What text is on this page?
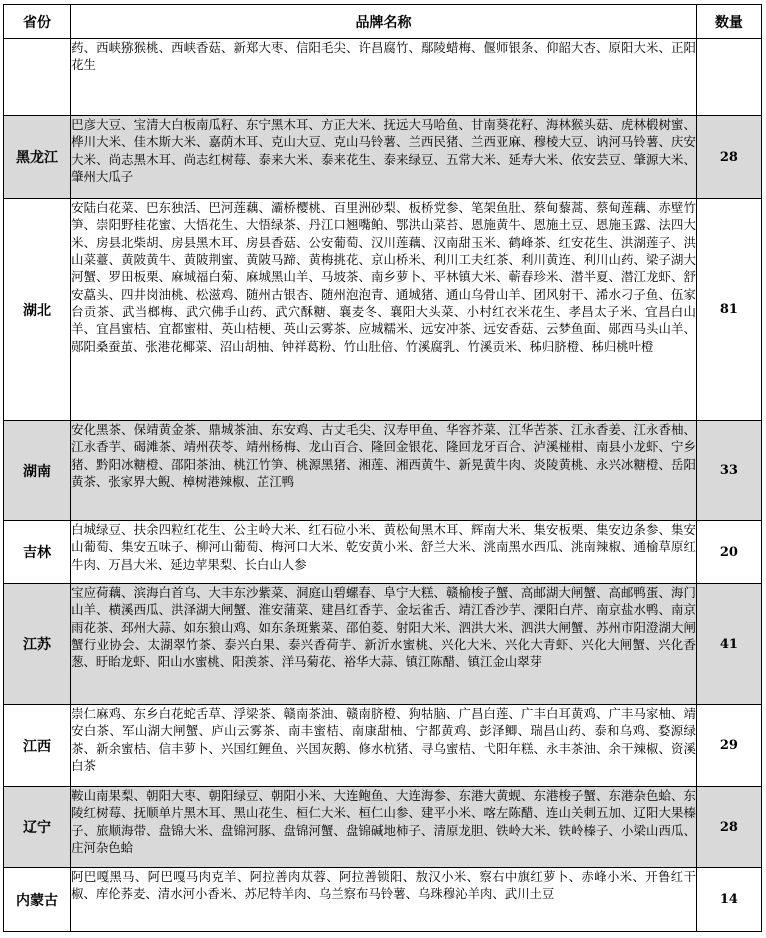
省份	品牌名称	数量
	药、西峡猕猴桃、西峡香菇、新郑大枣、信阳毛尖、许昌腐竹、鄢陵蜡梅、偃师银条、仰韶大杏、原阳大米、正阳花生	
黑龙江	巴彦大豆、宝清大白板南瓜籽、东宁黑木耳、方正大米、抚远大马哈鱼、甘南葵花籽、海林猴头菇、虎林椴树蜜、桦川大米、佳木斯大米、嘉荫木耳、克山大豆、克山马铃薯、兰西民猪、兰西亚麻、穆棱大豆、讷河马铃薯、庆安大米、尚志黑木耳、尚志红树莓、泰来大米、泰来花生、泰来绿豆、五常大米、延寿大米、依安芸豆、肇源大米、肇州大瓜子	28
湖北	安陆白花菜、巴东独活、巴河莲藕、灞桥樱桃、百里洲砂梨、板桥党参、笔架鱼肚、蔡甸藜蒿、蔡甸莲藕、赤壁竹笋、崇阳野桂花蜜、大悟花生、大悟绿茶、丹江口翘嘴鲌、鄂洪山菜苔、恩施黄牛、恩施土豆、恩施玉露、法四大米、房县北柴胡、房县黑木耳、房县香菇、公安葡萄、汉川莲藕、汉南甜玉米、鹤峰茶、红安花生、洪湖莲子、洪山菜薹、黄陂黄牛、黄陂荆蜜、黄陂马蹄、黄梅挑花、京山桥米、利川工夫红茶、利川黄连、利川山药、梁子湖大河蟹、罗田板栗、麻城福白菊、麻城黑山羊、马坡茶、南乡萝卜、平林镇大米、蕲春珍米、潜半夏、潜江龙虾、舒安藠头、四井岗油桃、松滋鸡、随州古银杏、随州泡泡青、通城猪、通山乌骨山羊、团风射干、浠水刁子鱼、伍家台贡茶、武当榔梅、武穴佛手山药、武穴酥糖、襄麦冬、襄阳大头菜、小村红衣米花生、孝昌太子米、宜昌白山羊、宜昌蜜桔、宜都蜜柑、英山桔梗、英山云雾茶、应城糯米、远安冲茶、远安香菇、云梦鱼面、郧西马头山羊、郧阳桑蚕茧、张港花椰菜、沼山胡柚、钟祥葛粉、竹山肚倍、竹溪腐乳、竹溪贡米、秭归脐橙、秭归桃叶橙	81
湖南	安化黑茶、保靖黄金茶、鼎城茶油、东安鸡、古丈毛尖、汉寿甲鱼、华容芥菜、江华苦茶、江永香姜、江永香柚、江永香芋、碣滩茶、靖州茯苓、靖州杨梅、龙山百合、隆回金银花、隆回龙牙百合、泸溪椪柑、南县小龙虾、宁乡猪、黔阳冰糖橙、邵阳茶油、桃江竹笋、桃源黑猪、湘莲、湘西黄牛、新晃黄牛肉、炎陵黄桃、永兴冰糖橙、岳阳黄茶、张家界大鲵、樟树港辣椒、芷江鸭	33
吉林	白城绿豆、扶余四粒红花生、公主岭大米、红石砬小米、黄松甸黑木耳、辉南大米、集安板栗、集安边条参、集安山葡萄、集安五味子、柳河山葡萄、梅河口大米、乾安黄小米、舒兰大米、洮南黑水西瓜、洮南辣椒、通榆草原红牛肉、万昌大米、延边苹果梨、长白山人参	20
江苏	宝应荷藕、滨海白首乌、大丰东沙紫菜、洞庭山碧螺春、阜宁大糕、赣榆梭子蟹、高邮湖大闸蟹、高邮鸭蛋、海门山羊、横溪西瓜、洪泽湖大闸蟹、淮安蒲菜、建昌红香芋、金坛雀舌、靖江香沙芋、溧阳白芹、南京盐水鸭、南京雨花茶、邳州大蒜、如东狼山鸡、如东条斑紫菜、邵伯菱、射阳大米、泗洪大米、泗洪大闸蟹、苏州市阳澄湖大闸蟹行业协会、太湖翠竹茶、泰兴白果、泰兴香荷芋、新沂水蜜桃、兴化大米、兴化大青虾、兴化大闸蟹、兴化香葱、盱眙龙虾、阳山水蜜桃、阳羡茶、洋马菊花、裕华大蒜、镇江陈醋、镇江金山翠芽	41
江西	崇仁麻鸡、东乡白花蛇舌草、浮梁茶、赣南茶油、赣南脐橙、狗牯脑、广昌白莲、广丰白耳黄鸡、广丰马家柚、靖安白茶、军山湖大闸蟹、庐山云雾茶、南丰蜜桔、南康甜柚、宁都黄鸡、彭泽鲫、瑞昌山药、泰和乌鸡、婺源绿茶、新余蜜桔、信丰萝卜、兴国红鲤鱼、兴国灰鹅、修水杭猪、寻乌蜜桔、弋阳年糕、永丰茶油、余干辣椒、资溪白茶	29
辽宁	鞍山南果梨、朝阳大枣、朝阳绿豆、朝阳小米、大连鲍鱼、大连海参、东港大黄蚬、东港梭子蟹、东港杂色蛤、东陵红树莓、抚顺单片黑木耳、黑山花生、桓仁大米、桓仁山参、建平小米、喀左陈醋、连山关刺五加、辽阳大果榛子、旅顺海带、盘锦大米、盘锦河豚、盘锦河蟹、盘锦碱地柿子、清原龙胆、铁岭大米、铁岭榛子、小梁山西瓜、庄河杂色蛤	28
内蒙古	阿巴嘎黑马、阿巴嘎马肉克羊、阿拉善肉苁蓉、阿拉善锁阳、敖汉小米、察右中旗红萝卜、赤峰小米、开鲁红干椒、库伦荞麦、清水河小香米、苏尼特羊肉、乌兰察布马铃薯、乌珠穆沁羊肉、武川土豆	14
